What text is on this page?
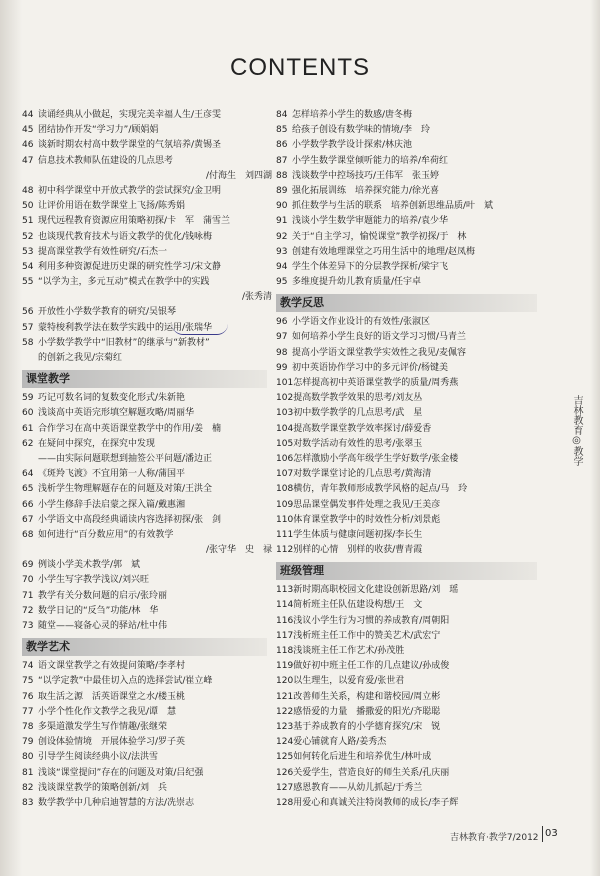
CONTENTS
44 读诵经典从小做起，实现完美幸福人生/王彦雯
45 团结协作开发“学习力”/顾娟娟
46 谈新时期农村高中数学课堂的气氛培养/黄锡圣
47 信息技术教师队伍建设的几点思考
/付海生　刘四湖
48 初中科学课堂中开放式教学的尝试探究/金卫明
50 让评价用语在数学课堂上飞扬/陈秀娟
51 现代远程教育资源应用策略初探/卡　军　蒲雪兰
52 也谈现代教育技术与语文教学的优化/钱咏梅
53 提高课堂教学有效性研究/石杰一
54 利用多种资源促进历史课的研究性学习/宋文静
55 “以学为主，多元互动”模式在教学中的实践
/张秀清
56 开放性小学数学教育的研究/吴银琴
57 蒙特梭利教学法在数学实践中的运用/张瑞华
58 小学数学教学中“旧教材”的继承与“新教材”
的创新之我见/宗菊红
课堂教学
59 巧记可数名词的复数变化形式/朱新艳
60 浅谈高中英语完形填空解题攻略/周丽华
61 合作学习在高中英语课堂教学中的作用/姜　楠
62 在疑问中探究，在探究中发现
——由实际问题联想到抽签公平问题/潘边正
64 《斑羚飞渡》不宜用第一人称/蒲国平
65 浅析学生物理解题存在的问题及对策/王洪全
66 小学生修辞手法启蒙之探入篇/戴惠湘
67 小学语文中高段经典诵读内容选择初探/张　剑
68 如何进行“百分数应用”的有效教学
/张守华　史　禄
69 例谈小学美术教学/郭　斌
70 小学生写字教学浅议/刘兴旺
71 教学有关分数问题的启示/张玲丽
72 数学日记的“反刍”功能/林　华
73 随堂——寝备心灵的驿站/杜中伟
教学艺术
74 语文课堂教学之有效提问策略/李孝村
75 “以学定教”中最佳切入点的选择尝试/崔立峰
76 取生活之源　活英语课堂之水/楼玉桃
77 小学个性化作文教学之我见/谭　慧
78 多渠道激发学生写作情趣/张继荣
79 创设体验情境　开展体验学习/罗子英
80 引导学生阅读经典小议/法洪雪
81 浅谈“课堂提问”存在的问题及对策/吕纪强
82 浅谈课堂教学的策略创新/刘　兵
83 数学教学中几种启迪智慧的方法/冼崇志
84 怎样培养小学生的数感/唐冬梅
85 给孩子创设有数学味的情境/李　玲
86 小学数学教学设计探索/林庆池
87 小学生数学课堂倾听能力的培养/牟荷红
88 浅谈数学中控场技巧/王伟军　张玉婷
89 强化拓展训练　培养探究能力/徐光喜
90 抓住数学与生活的联系　培养创新思维品质/叶　斌
91 浅谈小学生数学审题能力的培养/袁少华
92 关于“自主学习，愉悦课堂”教学初探/于　林
93 创建有效地理课堂之巧用生活中的地理/赵凤梅
94 学生个体差异下的分层教学探析/梁宇飞
95 多维度提升幼儿教育质量/任宇卓
教学反思
96 小学语文作业设计的有效性/张淑区
97 如何培养小学生良好的语文学习习惯/马青兰
98 提高小学语文课堂教学实效性之我见/麦佩容
99 初中英语协作学习中的多元评价/杨键美
101怎样提高初中英语课堂教学的质量/周秀燕
102提高数学教学效果的思考/刘友丛
103初中数学教学的几点思考/武　星
104提高数学课堂教学效率探讨/薛爱香
105对数学活动有效性的思考/张翠玉
106怎样激励小学高年级学生学好数学/张金楼
107对数学课堂讨论的几点思考/黄海清
108横仿，青年教师形成教学风格的起点/马　玲
109思品课堂偶发事件处理之我见/王美彦
110体育课堂教学中的时效性分析/刘景彪
111学生体质与健康问题初探/李长生
112别样的心情　别样的收获/曹青霞
班级管理
113新时期高职校园文化建设创新思路/刘　瑶
114简析班主任队伍建设构想/王　文
116浅议小学生行为习惯的养成教育/周朝阳
117浅析班主任工作中的赞美艺术/武宏宁
118浅谈班主任工作艺术/孙茂胜
119做好初中班主任工作的几点建议/孙成俊
120以生理生，以爱育爱/张世君
121改善师生关系，构建和谐校园/周立彬
122感悟爱的力量　播撒爱的阳光/齐聪聪
123基于养成教育的小学德育探究/宋　锐
124爱心铺就育人路/姜秀杰
125如何转化后进生和培养优生/林叶成
126关爱学生，营造良好的师生关系/孔庆丽
127感恩教育——从幼儿抓起/于秀兰
128用爱心和真诚关注特岗教师的成长/李子辉
吉林教育◎教学
吉林教育·教学7/2012 03
